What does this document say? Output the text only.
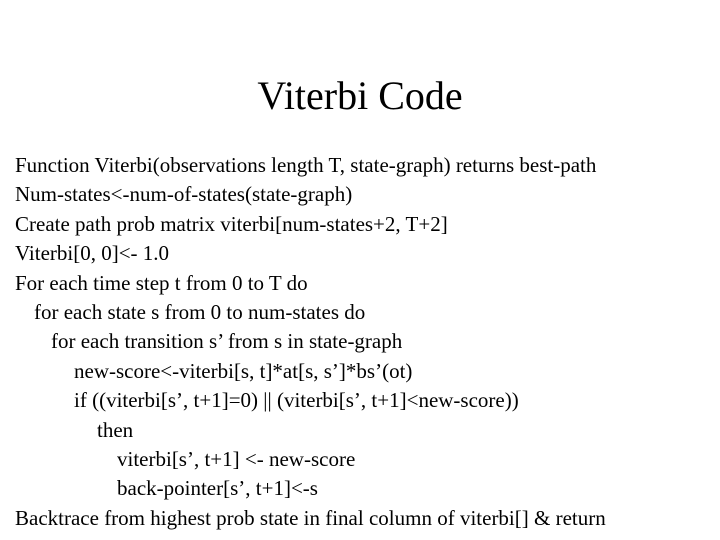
Viterbi Code
Function Viterbi(observations length T, state-graph) returns best-path
Num-states<-num-of-states(state-graph)
Create path prob matrix viterbi[num-states+2, T+2]
Viterbi[0, 0]<- 1.0
For each time step t from 0 to T do
for each state s from 0 to num-states do
for each transition s’ from s in state-graph
new-score<-viterbi[s, t]*at[s, s’]*bs’(ot)
if ((viterbi[s’, t+1]=0) || (viterbi[s’, t+1]<new-score))
then
viterbi[s’, t+1] <- new-score
back-pointer[s’, t+1]<-s
Backtrace from highest prob state in final column of viterbi[] & return
